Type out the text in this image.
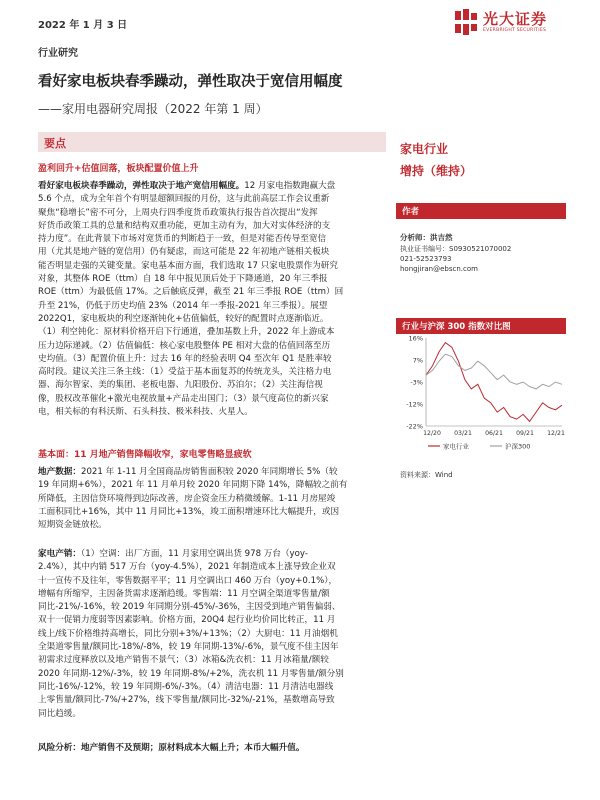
2022 年 1 月 3 日	光大证券
EVERBRIGHT SECURITIES
行业研究
看好家电板块春季躁动，弹性取决于宽信用幅度
——家用电器研究周报（2022 年第 1 周）
要点
盈利回升+估值回落，板块配置价值上升
看好家电板块春季躁动，弹性取决于地产宽信用幅度。12 月家电指数跑赢大盘
5.6 个点，成为全年首个有明显超额回报的月份，这与此前高层工作会议重新
聚焦“稳增长”密不可分，上周央行四季度货币政策执行报告首次提出“发挥
好货币政策工具的总量和结构双重功能，更加主动有为，加大对实体经济的支
持力度”。在此背景下市场对宽货币的判断趋于一致，但是对能否传导至宽信
用（尤其是地产链的宽信用）仍有疑虑，而这可能是 22 年初地产链相关板块
能否明显走强的关键变量。家电基本面方面，我们选取 17 只家电股票作为研究
对象，其整体 ROE（ttm）自 18 年中报见顶后处于下降通道，20 年三季报
ROE（ttm）为最低值 17%。之后触底反弹，截至 21 年三季报 ROE（ttm）回
升至 21%，仍低于历史均值 23%（2014 年一季报-2021 年三季报）。展望
2022Q1，家电板块的利空逐渐钝化+估值偏低，较好的配置时点逐渐临近。
（1）利空钝化：原材料价格开启下行通道，叠加基数上升，2022 年上游成本
压力边际递减。（2）估值偏低：核心家电股整体 PE 相对大盘的估值回落至历
史均值。（3）配置价值上升：过去 16 年的经验表明 Q4 至次年 Q1 是胜率较
高时段。建议关注三条主线：（1）受益于基本面复苏的传统龙头，关注格力电
器、海尔智家、美的集团、老板电器、九阳股份、苏泊尔；（2）关注海信视
像，股权改革催化+激光电视放量+产品走出国门；（3）景气度高位的新兴家
电，相关标的有科沃斯、石头科技、极米科技、火星人。
基本面：11 月地产销售降幅收窄，家电零售略显疲软
地产数据：2021 年 1-11 月全国商品房销售面积较 2020 年同期增长 5%（较
19 年同期+6%），2021 年 11 月单月较 2020 年同期下降 14%，降幅较之前有
所降低，主因信贷环境得到边际改善，房企资金压力稍微缓解。1-11 月房屋竣
工面积同比+16%，其中 11 月同比+13%，竣工面积增速环比大幅提升，或因
短期资金链放松。
家电产销：（1）空调：出厂方面，11 月家用空调出货 978 万台（yoy-
2.4%），其中内销 517 万台（yoy-4.5%），2021 年制造成本上涨导致企业双
十一宣传不及往年，零售数据平平；11 月空调出口 460 万台（yoy+0.1%），
增幅有所缩窄，主因备货需求逐渐趋缓。零售端：11 月空调全渠道零售量/额
同比-21%/-16%，较 2019 年同期分别-45%/-36%，主因受到地产销售偏弱、
双十一促销力度弱等因素影响。价格方面，20Q4 起行业均价同比转正，11 月
线上/线下价格维持高增长，同比分别+3%/+13%；（2）大厨电：11 月油烟机
全渠道零售量/额同比-18%/-8%，较 19 年同期-13%/-6%，景气度不佳主因年
初需求过度释放以及地产销售不景气；（3）冰箱&洗衣机：11 月冰箱量/额较
2020 年同期-12%/-3%，较 19 年同期-8%/+2%，洗衣机 11 月零售量/额分别
同比-16%/-12%，较 19 年同期-6%/-3%。（4）清洁电器：11 月清洁电器线
上零售量/额同比-7%/+27%，线下零售量/额同比-32%/-21%，基数增高导致
同比趋缓。
风险分析：地产销售不及预期；原材料成本大幅上升；本币大幅升值。
家电行业
增持（维持）
作者
分析师：洪吉然
执业证书编号：S0930521070002
021-52523793
hongjiran@ebscn.com
行业与沪深 300 指数对比图
16%
7%
-3%
-12%
-22%
12/20 03/21 06/21 09/21 12/21
家电行业	沪深300
资料来源：Wind
